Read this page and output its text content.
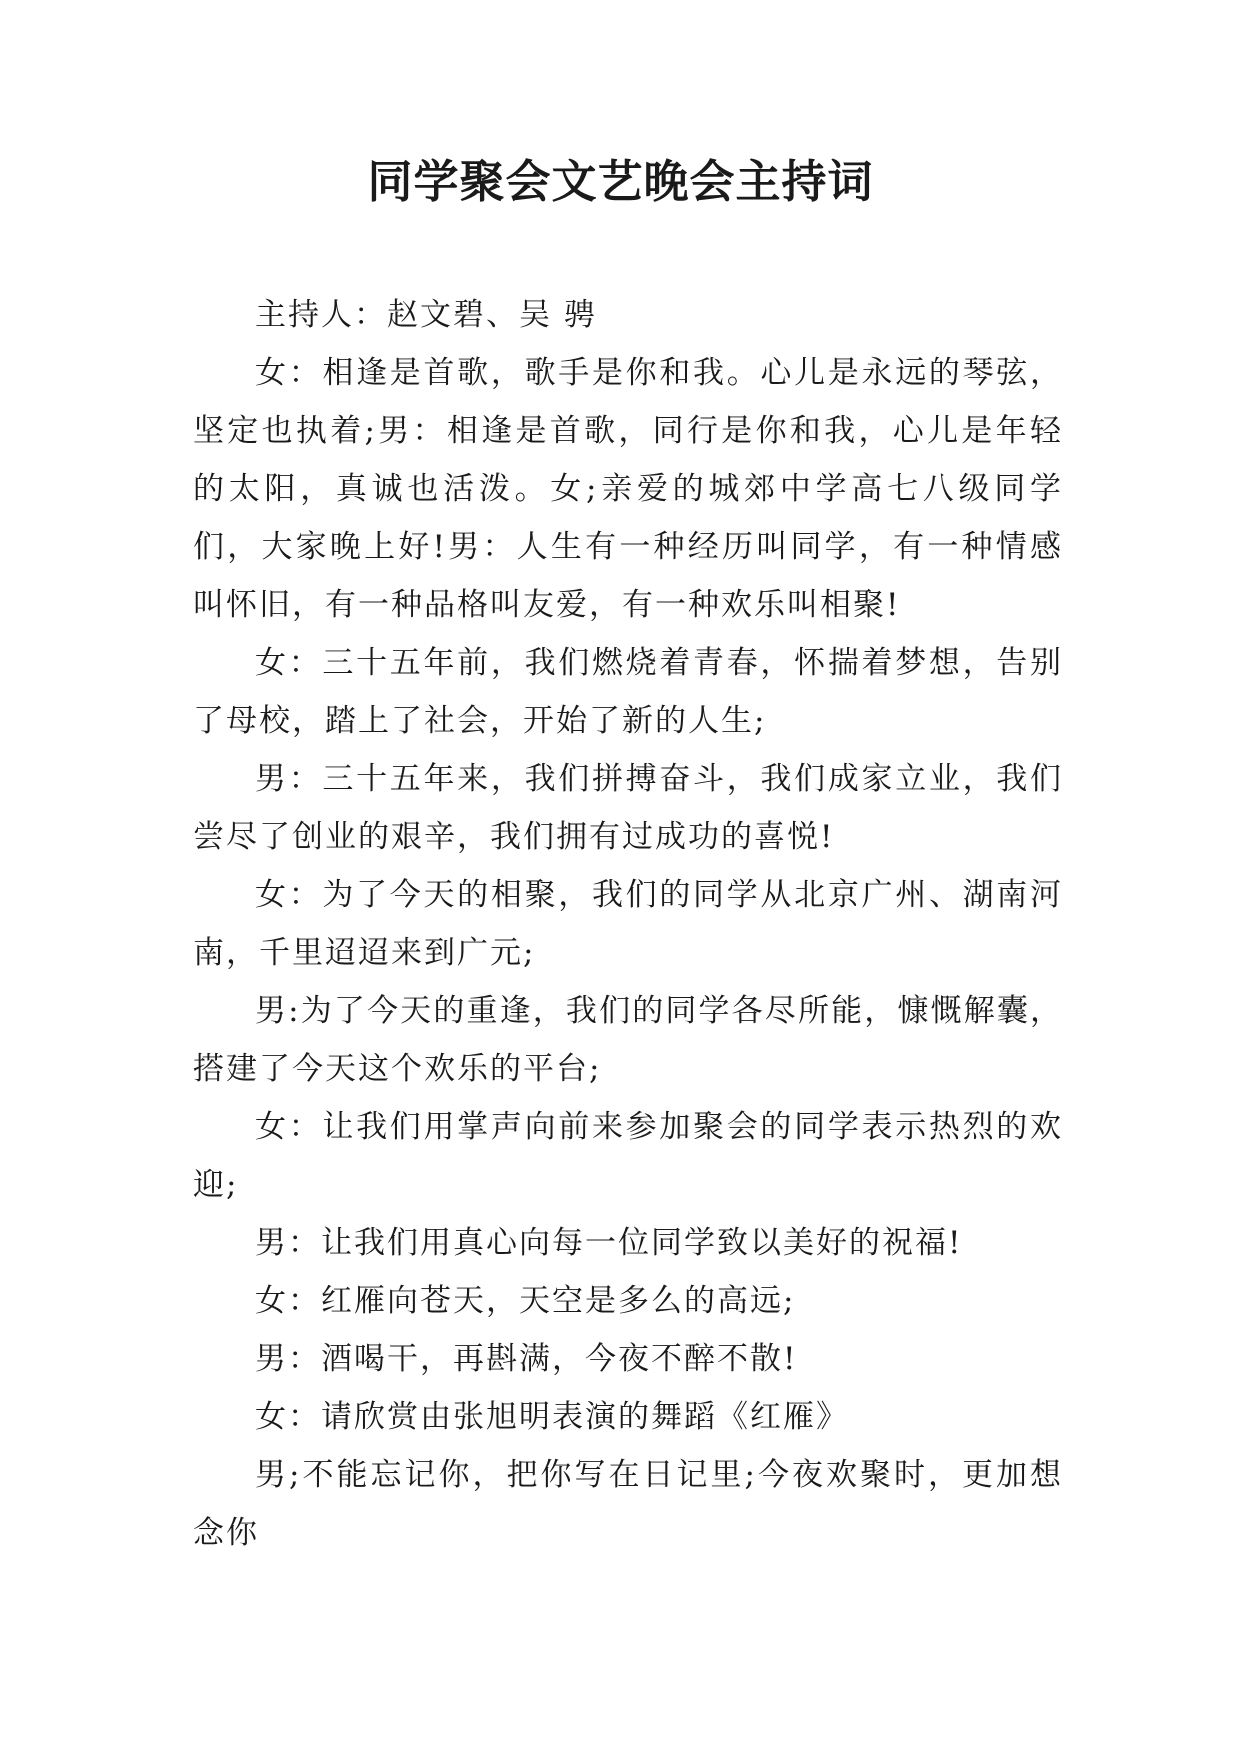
同学聚会文艺晚会主持词

主持人：赵文碧、吴 骋

女：相逢是首歌，歌手是你和我。心儿是永远的琴弦，坚定也执着;男：相逢是首歌，同行是你和我，心儿是年轻的太阳，真诚也活泼。女;亲爱的城郊中学高七八级同学们，大家晚上好!男：人生有一种经历叫同学，有一种情感叫怀旧，有一种品格叫友爱，有一种欢乐叫相聚!

女：三十五年前，我们燃烧着青春，怀揣着梦想，告别了母校，踏上了社会，开始了新的人生;

男：三十五年来，我们拼搏奋斗，我们成家立业，我们尝尽了创业的艰辛，我们拥有过成功的喜悦!

女：为了今天的相聚，我们的同学从北京广州、湖南河南，千里迢迢来到广元;

男:为了今天的重逢，我们的同学各尽所能，慷慨解囊，搭建了今天这个欢乐的平台;

女：让我们用掌声向前来参加聚会的同学表示热烈的欢迎;

男：让我们用真心向每一位同学致以美好的祝福!

女：红雁向苍天，天空是多么的高远;

男：酒喝干，再斟满，今夜不醉不散!

女：请欣赏由张旭明表演的舞蹈《红雁》

男;不能忘记你，把你写在日记里;今夜欢聚时，更加想念你
